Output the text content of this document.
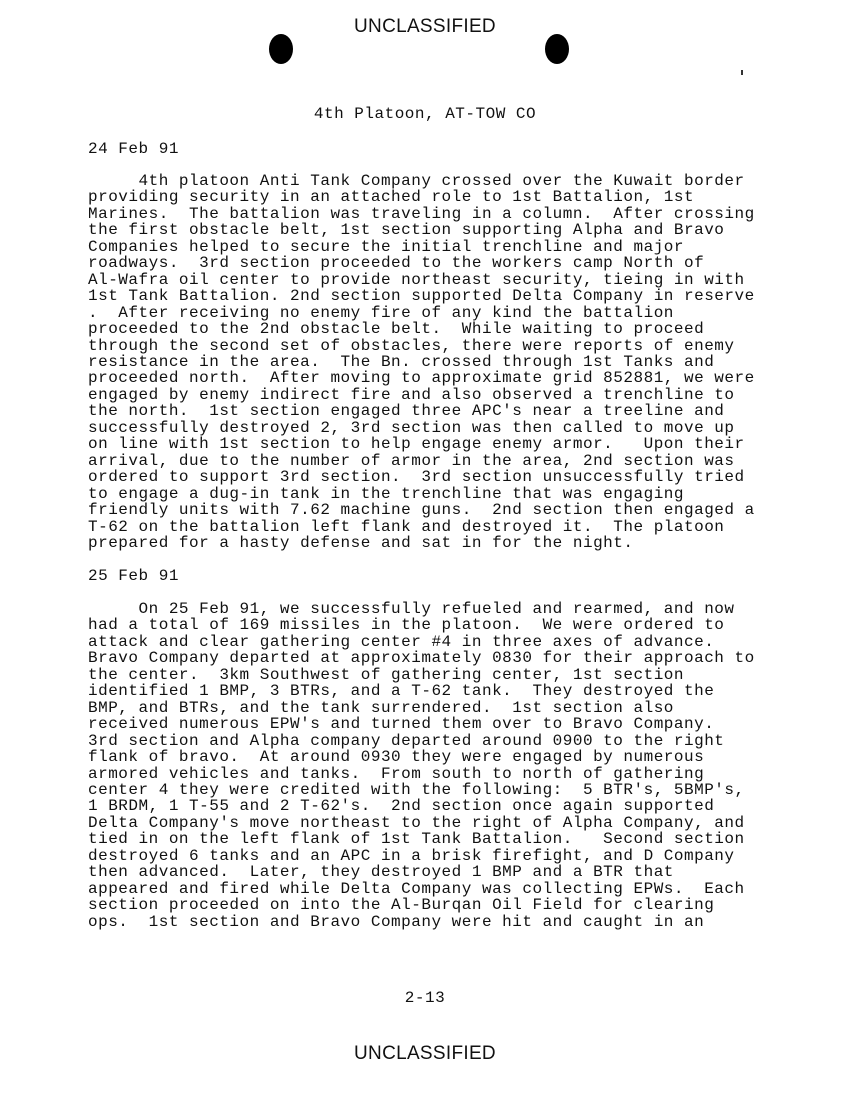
UNCLASSIFIED
4th Platoon, AT-TOW CO
24 Feb 91
4th platoon Anti Tank Company crossed over the Kuwait border
providing security in an attached role to 1st Battalion, 1st
Marines.  The battalion was traveling in a column.  After crossing
the first obstacle belt, 1st section supporting Alpha and Bravo
Companies helped to secure the initial trenchline and major
roadways.  3rd section proceeded to the workers camp North of
Al-Wafra oil center to provide northeast security, tieing in with
1st Tank Battalion. 2nd section supported Delta Company in reserve
.  After receiving no enemy fire of any kind the battalion
proceeded to the 2nd obstacle belt.  While waiting to proceed
through the second set of obstacles, there were reports of enemy
resistance in the area.  The Bn. crossed through 1st Tanks and
proceeded north.  After moving to approximate grid 852881, we were
engaged by enemy indirect fire and also observed a trenchline to
the north.  1st section engaged three APC's near a treeline and
successfully destroyed 2, 3rd section was then called to move up
on line with 1st section to help engage enemy armor.   Upon their
arrival, due to the number of armor in the area, 2nd section was
ordered to support 3rd section.  3rd section unsuccessfully tried
to engage a dug-in tank in the trenchline that was engaging
friendly units with 7.62 machine guns.  2nd section then engaged a
T-62 on the battalion left flank and destroyed it.  The platoon
prepared for a hasty defense and sat in for the night.
25 Feb 91
On 25 Feb 91, we successfully refueled and rearmed, and now
had a total of 169 missiles in the platoon.  We were ordered to
attack and clear gathering center #4 in three axes of advance.
Bravo Company departed at approximately 0830 for their approach to
the center.  3km Southwest of gathering center, 1st section
identified 1 BMP, 3 BTRs, and a T-62 tank.  They destroyed the
BMP, and BTRs, and the tank surrendered.  1st section also
received numerous EPW's and turned them over to Bravo Company.
3rd section and Alpha company departed around 0900 to the right
flank of bravo.  At around 0930 they were engaged by numerous
armored vehicles and tanks.  From south to north of gathering
center 4 they were credited with the following:  5 BTR's, 5BMP's,
1 BRDM, 1 T-55 and 2 T-62's.  2nd section once again supported
Delta Company's move northeast to the right of Alpha Company, and
tied in on the left flank of 1st Tank Battalion.   Second section
destroyed 6 tanks and an APC in a brisk firefight, and D Company
then advanced.  Later, they destroyed 1 BMP and a BTR that
appeared and fired while Delta Company was collecting EPWs.  Each
section proceeded on into the Al-Burqan Oil Field for clearing
ops.  1st section and Bravo Company were hit and caught in an
2-13
UNCLASSIFIED
